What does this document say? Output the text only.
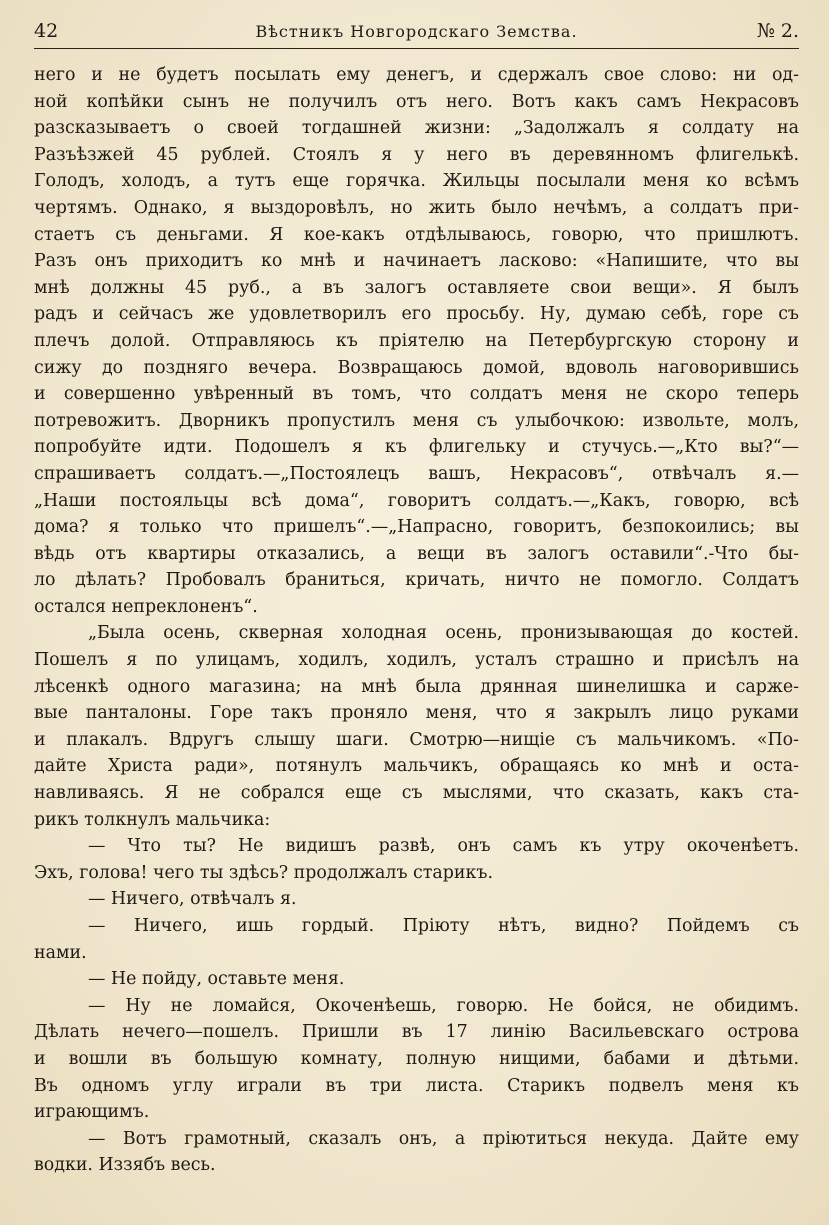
42	Вѣстникъ Новгородскаго Земства.	№ 2.
него и не будетъ посылать ему денегъ, и сдержалъ свое слово: ни од-
ной копѣйки сынъ не получилъ отъ него. Вотъ какъ самъ Некрасовъ
разсказываетъ о своей тогдашней жизни: „Задолжалъ я солдату на
Разъѣзжей 45 рублей. Стоялъ я у него въ деревянномъ флигелькѣ.
Голодъ, холодъ, а тутъ еще горячка. Жильцы посылали меня ко всѣмъ
чертямъ. Однако, я выздоровѣлъ, но жить было нечѣмъ, а солдатъ при-
стаетъ съ деньгами. Я кое-какъ отдѣлываюсь, говорю, что пришлютъ.
Разъ онъ приходитъ ко мнѣ и начинаетъ ласково: «Напишите, что вы
мнѣ должны 45 руб., а въ залогъ оставляете свои вещи». Я былъ
радъ и сейчасъ же удовлетворилъ его просьбу. Ну, думаю себѣ, горе съ
плечъ долой. Отправляюсь къ пріятелю на Петербургскую сторону и
сижу до поздняго вечера. Возвращаюсь домой, вдоволь наговорившись
и совершенно увѣренный въ томъ, что солдатъ меня не скоро теперь
потревожитъ. Дворникъ пропустилъ меня съ улыбочкою: извольте, молъ,
попробуйте идти. Подошелъ я къ флигельку и стучусь.—„Кто вы?“—
спрашиваетъ солдатъ.—„Постоялецъ вашъ, Некрасовъ“, отвѣчалъ я.—
„Наши постояльцы всѣ дома“, говоритъ солдатъ.—„Какъ, говорю, всѣ
дома? я только что пришелъ“.—„Напрасно, говоритъ, безпокоились; вы
вѣдь отъ квартиры отказались, а вещи въ залогъ оставили“.-Что бы-
ло дѣлать? Пробовалъ браниться, кричать, ничто не помогло. Солдатъ
остался непреклоненъ“.
„Была осень, скверная холодная осень, пронизывающая до костей.
Пошелъ я по улицамъ, ходилъ, ходилъ, усталъ страшно и присѣлъ на
лѣсенкѣ одного магазина; на мнѣ была дрянная шинелишка и сарже-
вые панталоны. Горе такъ проняло меня, что я закрылъ лицо руками
и плакалъ. Вдругъ слышу шаги. Смотрю—нищіе съ мальчикомъ. «По-
дайте Христа ради», потянулъ мальчикъ, обращаясь ко мнѣ и оста-
навливаясь. Я не собрался еще съ мыслями, что сказать, какъ ста-
рикъ толкнулъ мальчика:
— Что ты? Не видишъ развѣ, онъ самъ къ утру окоченѣетъ.
Эхъ, голова! чего ты здѣсь? продолжалъ старикъ.
— Ничего, отвѣчалъ я.
— Ничего, ишь гордый. Пріюту нѣтъ, видно? Пойдемъ съ
нами.
— Не пойду, оставьте меня.
— Ну не ломайся, Окоченѣешь, говорю. Не бойся, не обидимъ.
Дѣлать нечего—пошелъ. Пришли въ 17 линію Васильевскаго острова
и вошли въ большую комнату, полную нищими, бабами и дѣтьми.
Въ одномъ углу играли въ три листа. Старикъ подвелъ меня къ
играющимъ.
— Вотъ грамотный, сказалъ онъ, а пріютиться некуда. Дайте ему
водки. Иззябъ весь.
